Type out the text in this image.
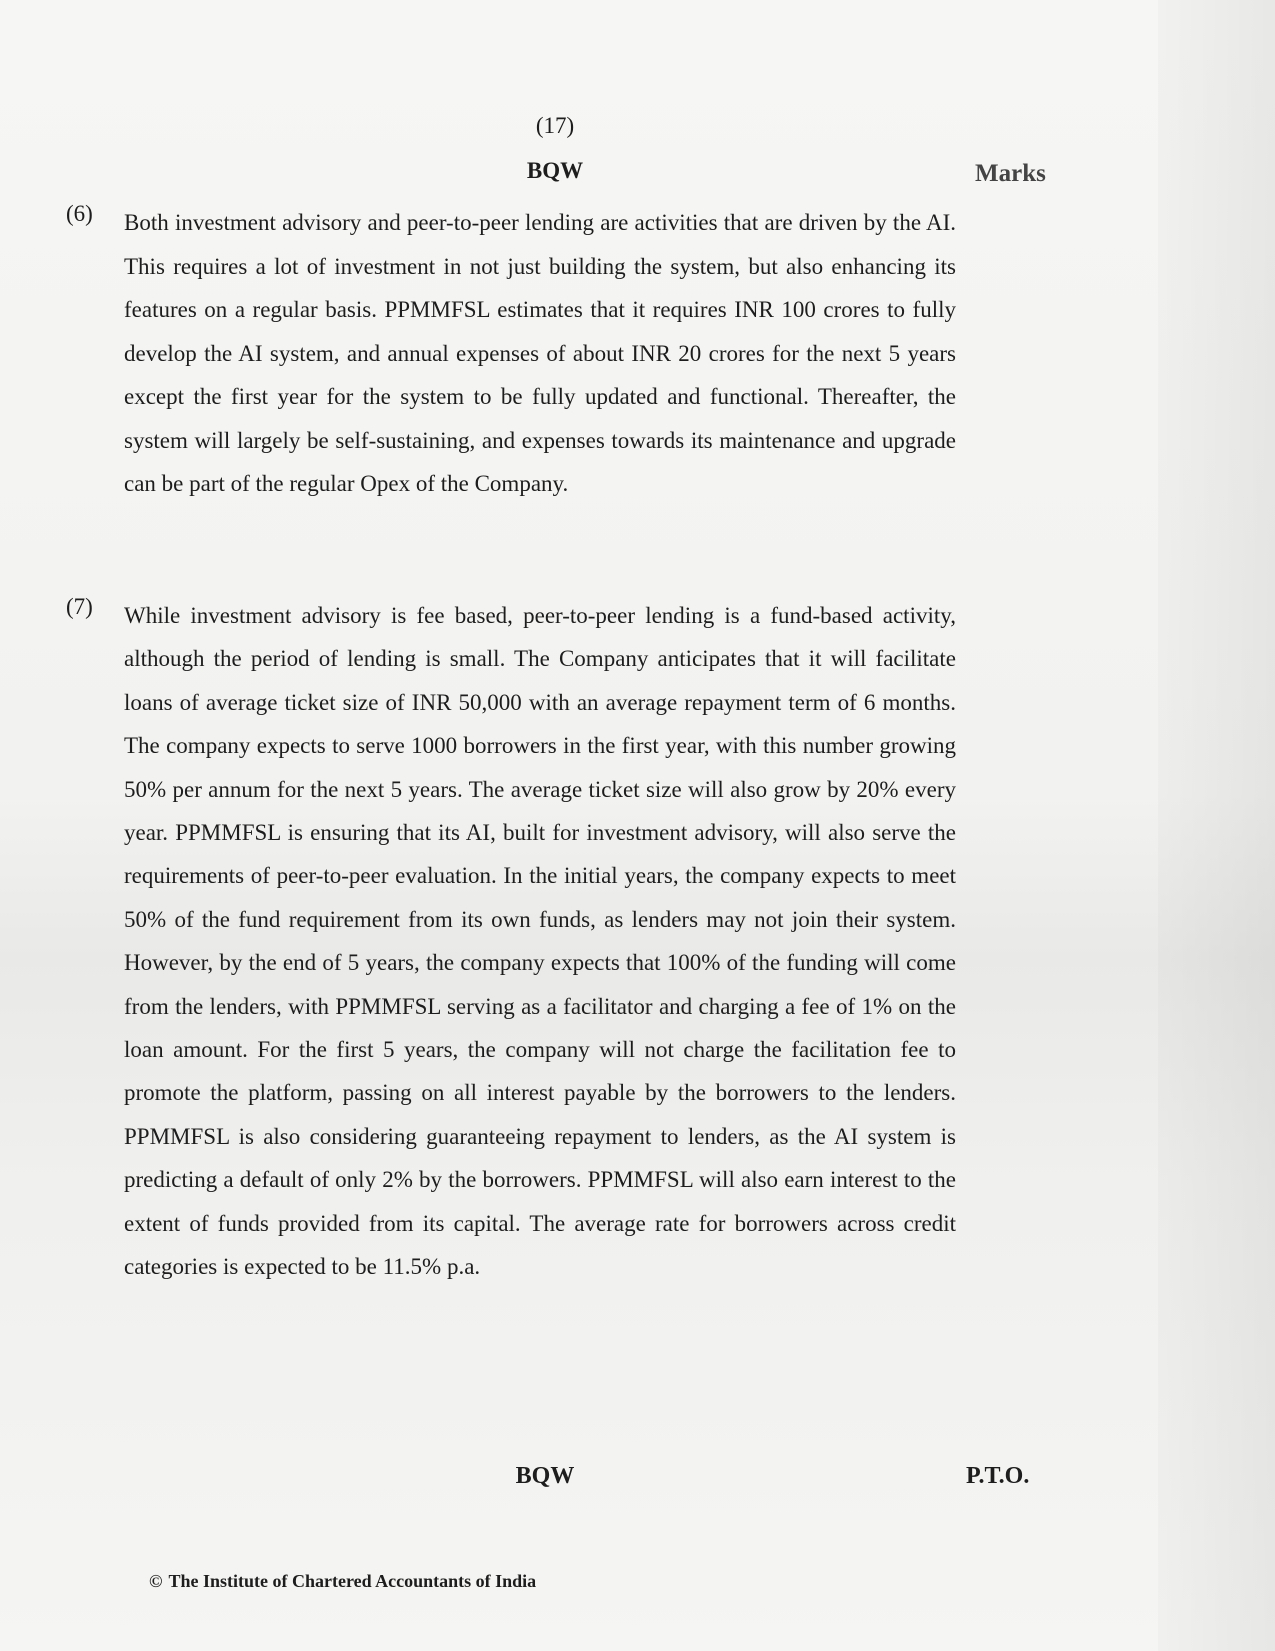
(17)
BQW	Marks
(6) Both investment advisory and peer-to-peer lending are activities that are driven by the AI. This requires a lot of investment in not just building the system, but also enhancing its features on a regular basis. PPMMFSL estimates that it requires INR 100 crores to fully develop the AI system, and annual expenses of about INR 20 crores for the next 5 years except the first year for the system to be fully updated and functional. Thereafter, the system will largely be self-sustaining, and expenses towards its maintenance and upgrade can be part of the regular Opex of the Company.
(7) While investment advisory is fee based, peer-to-peer lending is a fund-based activity, although the period of lending is small. The Company anticipates that it will facilitate loans of average ticket size of INR 50,000 with an average repayment term of 6 months. The company expects to serve 1000 borrowers in the first year, with this number growing 50% per annum for the next 5 years. The average ticket size will also grow by 20% every year. PPMMFSL is ensuring that its AI, built for investment advisory, will also serve the requirements of peer-to-peer evaluation. In the initial years, the company expects to meet 50% of the fund requirement from its own funds, as lenders may not join their system. However, by the end of 5 years, the company expects that 100% of the funding will come from the lenders, with PPMMFSL serving as a facilitator and charging a fee of 1% on the loan amount. For the first 5 years, the company will not charge the facilitation fee to promote the platform, passing on all interest payable by the borrowers to the lenders. PPMMFSL is also considering guaranteeing repayment to lenders, as the AI system is predicting a default of only 2% by the borrowers. PPMMFSL will also earn interest to the extent of funds provided from its capital. The average rate for borrowers across credit categories is expected to be 11.5% p.a.
BQW	P.T.O.
© The Institute of Chartered Accountants of India
